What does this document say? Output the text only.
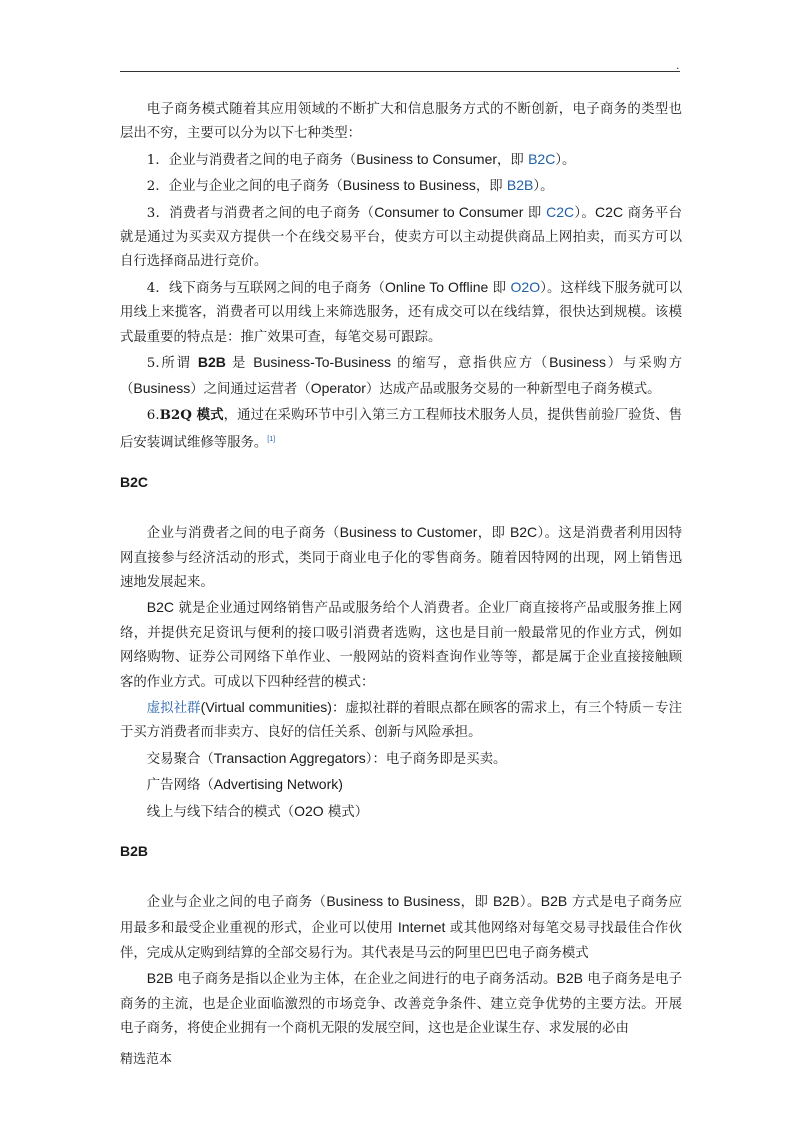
.

电子商务模式随着其应用领域的不断扩大和信息服务方式的不断创新，电子商务的类型也层出不穷，主要可以分为以下七种类型：

1．企业与消费者之间的电子商务（Business to Consumer，即 B2C）。

2．企业与企业之间的电子商务（Business to Business，即 B2B）。

3．消费者与消费者之间的电子商务（Consumer to Consumer 即 C2C）。C2C 商务平台就是通过为买卖双方提供一个在线交易平台，使卖方可以主动提供商品上网拍卖，而买方可以自行选择商品进行竞价。

4．线下商务与互联网之间的电子商务（Online To Offline 即 O2O）。这样线下服务就可以用线上来揽客，消费者可以用线上来筛选服务，还有成交可以在线结算，很快达到规模。该模式最重要的特点是：推广效果可查，每笔交易可跟踪。

5.所谓 B2B 是 Business-To-Business 的缩写，意指供应方（Business）与采购方（Business）之间通过运营者（Operator）达成产品或服务交易的一种新型电子商务模式。

6.B2Q 模式，通过在采购环节中引入第三方工程师技术服务人员，提供售前验厂验货、售后安装调试维修等服务。[1]

B2C

企业与消费者之间的电子商务（Business to Customer，即 B2C）。这是消费者利用因特网直接参与经济活动的形式，类同于商业电子化的零售商务。随着因特网的出现，网上销售迅速地发展起来。

B2C 就是企业通过网络销售产品或服务给个人消费者。企业厂商直接将产品或服务推上网络，并提供充足资讯与便利的接口吸引消费者选购，这也是目前一般最常见的作业方式，例如网络购物、证券公司网络下单作业、一般网站的资料查询作业等等，都是属于企业直接接触顾客的作业方式。可成以下四种经营的模式：

虚拟社群(Virtual communities)：虚拟社群的着眼点都在顾客的需求上，有三个特质－专注于买方消费者而非卖方、良好的信任关系、创新与风险承担。

交易聚合（Transaction Aggregators）：电子商务即是买卖。

广告网络（Advertising Network)

线上与线下结合的模式（O2O 模式）

B2B

企业与企业之间的电子商务（Business to Business，即 B2B）。B2B 方式是电子商务应用最多和最受企业重视的形式，企业可以使用 Internet 或其他网络对每笔交易寻找最佳合作伙伴，完成从定购到结算的全部交易行为。其代表是马云的阿里巴巴电子商务模式

B2B 电子商务是指以企业为主体，在企业之间进行的电子商务活动。B2B 电子商务是电子商务的主流，也是企业面临激烈的市场竞争、改善竞争条件、建立竞争优势的主要方法。开展电子商务，将使企业拥有一个商机无限的发展空间，这也是企业谋生存、求发展的必由

精选范本
